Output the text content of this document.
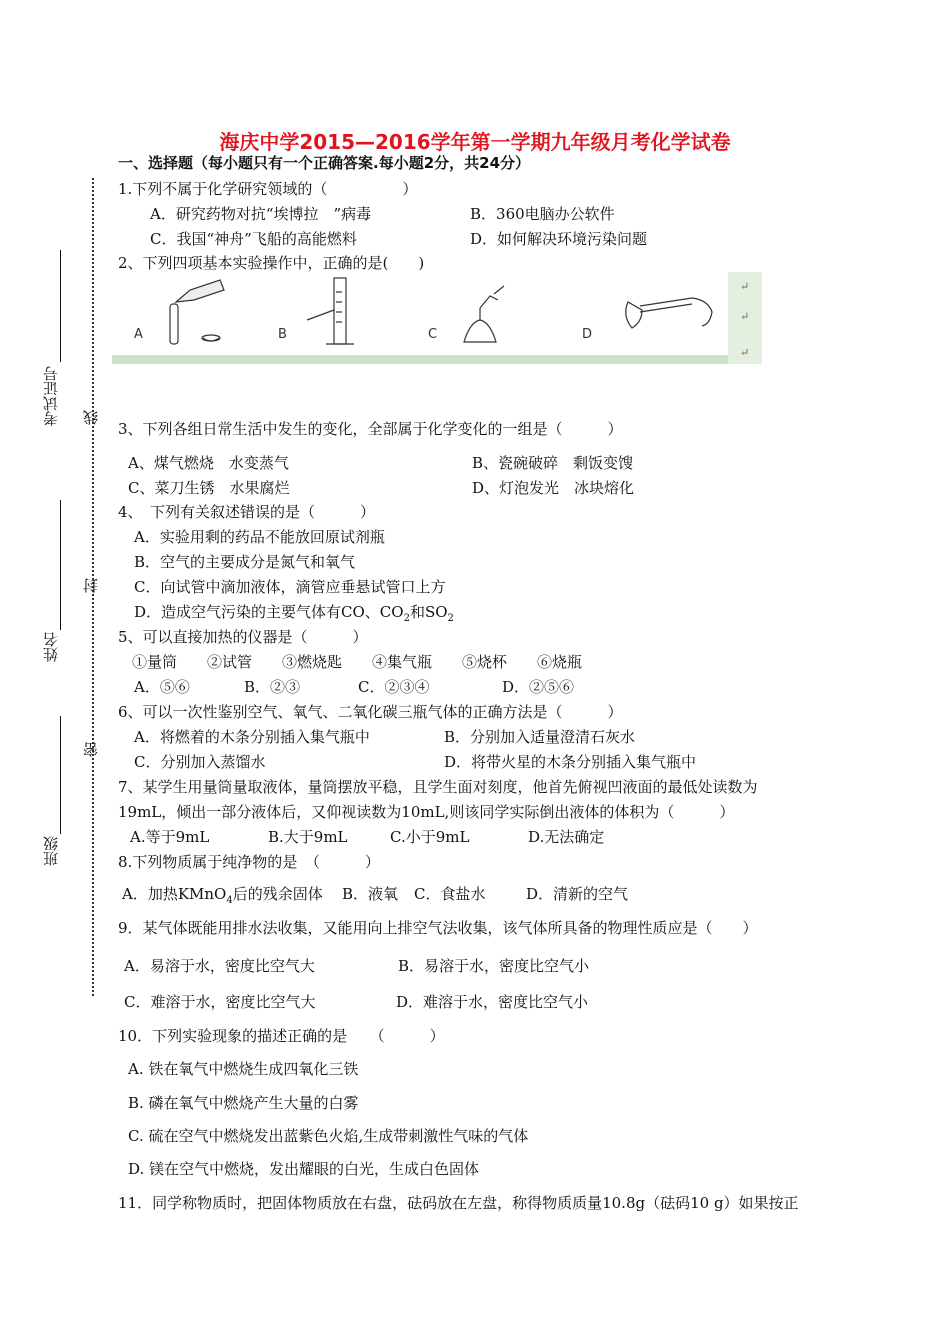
海庆中学2015—2016学年第一学期九年级月考化学试卷
一、选择题（每小题只有一个正确答案.每小题2分，共24分）
考试证号
姓名
班级
线
封
密
1.下列不属于化学研究领域的（　　　　　）
A．研究药物对抗“埃博拉　”病毒	B．360电脑办公软件
C．我国“神舟”飞船的高能燃料	D．如何解决环境污染问题
2、下列四项基本实验操作中，正确的是(　　)
A	B	C	D
↵
↵
↵
3、下列各组日常生活中发生的变化，全部属于化学变化的一组是（　　　）
A、煤气燃烧　水变蒸气	B、瓷碗破碎　剩饭变馊
C、菜刀生锈　水果腐烂	D、灯泡发光　冰块熔化
4、　下列有关叙述错误的是（　　　）
A．实验用剩的药品不能放回原试剂瓶
B．空气的主要成分是氮气和氧气
C．向试管中滴加液体，滴管应垂悬试管口上方
D．造成空气污染的主要气体有CO、$CO_2$和$SO_2$
5、可以直接加热的仪器是（　　　）
①量筒　　②试管　　③燃烧匙　　④集气瓶　　⑤烧杯　　⑥烧瓶
A．⑤⑥	B．②③	C．②③④	D．②⑤⑥
6、可以一次性鉴别空气、氧气、二氧化碳三瓶气体的正确方法是（　　　）
A．将燃着的木条分别插入集气瓶中	B．分别加入适量澄清石灰水
C．分别加入蒸馏水	D．将带火星的木条分别插入集气瓶中
7、某学生用量筒量取液体，量筒摆放平稳，且学生面对刻度，他首先俯视凹液面的最低处读数为
19mL，倾出一部分液体后，又仰视读数为10mL,则该同学实际倒出液体的体积为（　　　）
A.等于9mL	B.大于9mL	C.小于9mL	D.无法确定
8.下列物质属于纯净物的是　（　　　）
A．加热KMnO$_4$后的残余固体 B．液氧 C．食盐水	D．清新的空气
9．某气体既能用排水法收集，又能用向上排空气法收集，该气体所具备的物理性质应是（　　）
A．易溶于水，密度比空气大	B．易溶于水，密度比空气小
C．难溶于水，密度比空气大	D．难溶于水，密度比空气小
10．下列实验现象的描述正确的是　　（　　　）
A. 铁在氧气中燃烧生成四氧化三铁
B. 磷在氧气中燃烧产生大量的白雾
C. 硫在空气中燃烧发出蓝紫色火焰,生成带刺激性气味的气体
D. 镁在空气中燃烧，发出耀眼的白光，生成白色固体
11．同学称物质时，把固体物质放在右盘，砝码放在左盘，称得物质质量10.8g（砝码10 g）如果按正
